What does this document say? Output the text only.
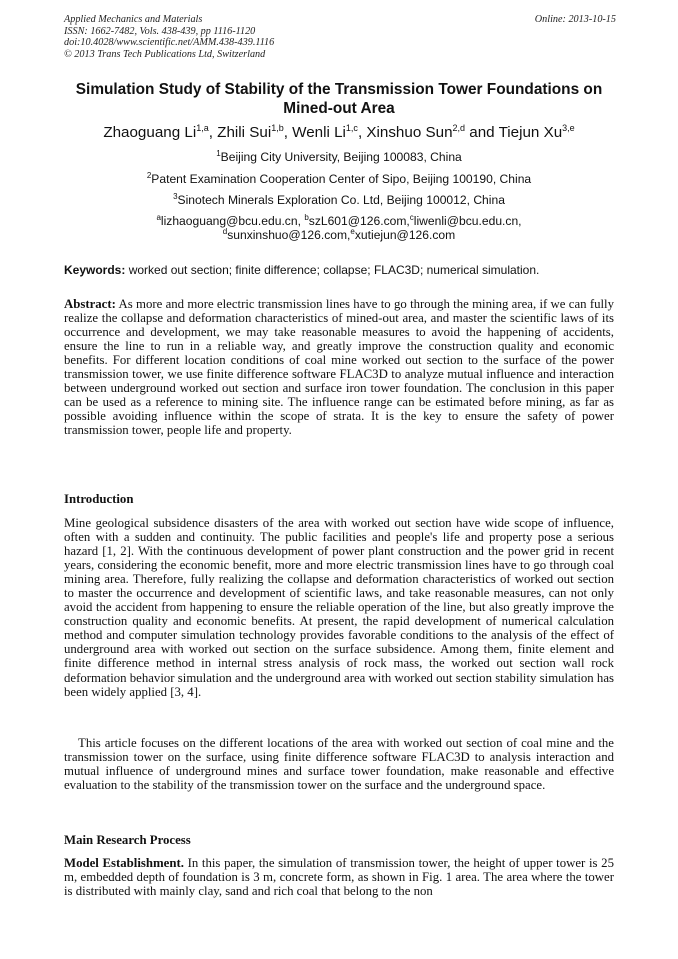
Applied Mechanics and Materials
ISSN: 1662-7482, Vols. 438-439, pp 1116-1120
doi:10.4028/www.scientific.net/AMM.438-439.1116
© 2013 Trans Tech Publications Ltd, Switzerland
Online: 2013-10-15
Simulation Study of Stability of the Transmission Tower Foundations on Mined-out Area
Zhaoguang Li$^{1,a}$, Zhili Sui$^{1,b}$, Wenli Li$^{1,c}$, Xinshuo Sun$^{2,d}$ and Tiejun Xu$^{3,e}$
$^1$Beijing City University, Beijing 100083, China
$^2$Patent Examination Cooperation Center of Sipo, Beijing 100190, China
$^3$Sinotech Minerals Exploration Co. Ltd, Beijing 100012, China
$^a$lizhaoguang@bcu.edu.cn, $^b$szL601@126.com,$^c$liwenli@bcu.edu.cn,
$^d$sunxinshuo@126.com,$^e$xutiejun@126.com
Keywords: worked out section; finite difference; collapse; FLAC3D; numerical simulation.
Abstract: As more and more electric transmission lines have to go through the mining area, if we can fully realize the collapse and deformation characteristics of mined-out area, and master the scientific laws of its occurrence and development, we may take reasonable measures to avoid the happening of accidents, ensure the line to run in a reliable way, and greatly improve the construction quality and economic benefits. For different location conditions of coal mine worked out section to the surface of the power transmission tower, we use finite difference software FLAC3D to analyze mutual influence and interaction between underground worked out section and surface iron tower foundation. The conclusion in this paper can be used as a reference to mining site. The influence range can be estimated before mining, as far as possible avoiding influence within the scope of strata. It is the key to ensure the safety of power transmission tower, people life and property.
Introduction
Mine geological subsidence disasters of the area with worked out section have wide scope of influence, often with a sudden and continuity. The public facilities and people's life and property pose a serious hazard [1, 2]. With the continuous development of power plant construction and the power grid in recent years, considering the economic benefit, more and more electric transmission lines have to go through coal mining area. Therefore, fully realizing the collapse and deformation characteristics of worked out section to master the occurrence and development of scientific laws, and take reasonable measures, can not only avoid the accident from happening to ensure the reliable operation of the line, but also greatly improve the construction quality and economic benefits. At present, the rapid development of numerical calculation method and computer simulation technology provides favorable conditions to the analysis of the effect of underground area with worked out section on the surface subsidence. Among them, finite element and finite difference method in internal stress analysis of rock mass, the worked out section wall rock deformation behavior simulation and the underground area with worked out section stability simulation has been widely applied [3, 4].
This article focuses on the different locations of the area with worked out section of coal mine and the transmission tower on the surface, using finite difference software FLAC3D to analysis interaction and mutual influence of underground mines and surface tower foundation, make reasonable and effective evaluation to the stability of the transmission tower on the surface and the underground space.
Main Research Process
Model Establishment. In this paper, the simulation of transmission tower, the height of upper tower is 25 m, embedded depth of foundation is 3 m, concrete form, as shown in Fig. 1 area. The area where the tower is distributed with mainly clay, sand and rich coal that belong to the non
